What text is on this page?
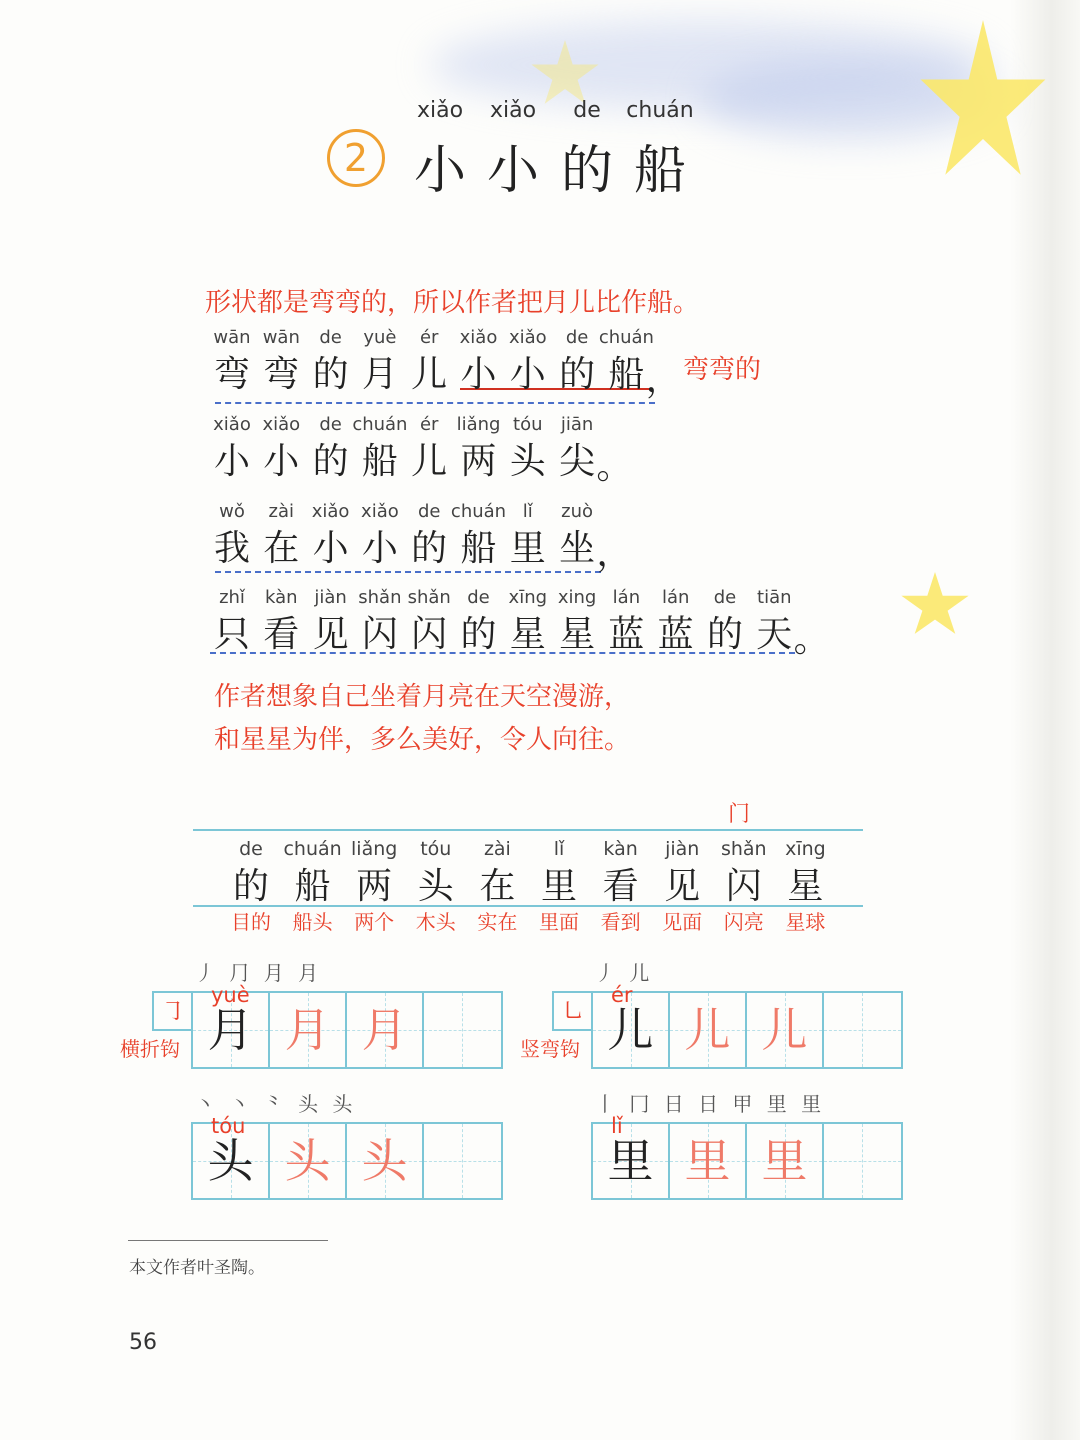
2
xiǎo
小
xiǎo
小
de
的
chuán
船
形状都是弯弯的，所以作者把月儿比作船。
弯弯的
wān
弯
wān
弯
de
的
yuè
月
ér
儿
xiǎo
小
xiǎo
小
de
的
chuán
船 ，
xiǎo
小
xiǎo
小
de
的
chuán
船
ér
儿
liǎng
两
tóu
头
jiān
尖 。
wǒ
我
zài
在
xiǎo
小
xiǎo
小
de
的
chuán
船
lǐ
里
zuò
坐 ，
zhǐ
只
kàn
看
jiàn
见
shǎn
闪
shǎn
闪
de
的
xīng
星
xing
星
lán
蓝
lán
蓝
de
的
tiān
天 。
作者想象自己坐着月亮在天空漫游，
和星星为伴，多么美好，令人向往。
门
de
的
目的
chuán
船
船头
liǎng
两
两个
tóu
头
木头
zài
在
实在
lǐ
里
里面
kàn
看
看到
jiàn
见
见面
shǎn
闪
闪亮
xīng
星
星球
丿 ⺆ 月 月
月 月 月
yuè
㇆
横折钩
丿 儿
儿 儿 儿
ér
㇟
竖弯钩
丶 丶 ⺀ 头 头
头 头 头
tóu
丨 冂 日 日 甲 里 里
里 里 里
lǐ
本文作者叶圣陶。
56
